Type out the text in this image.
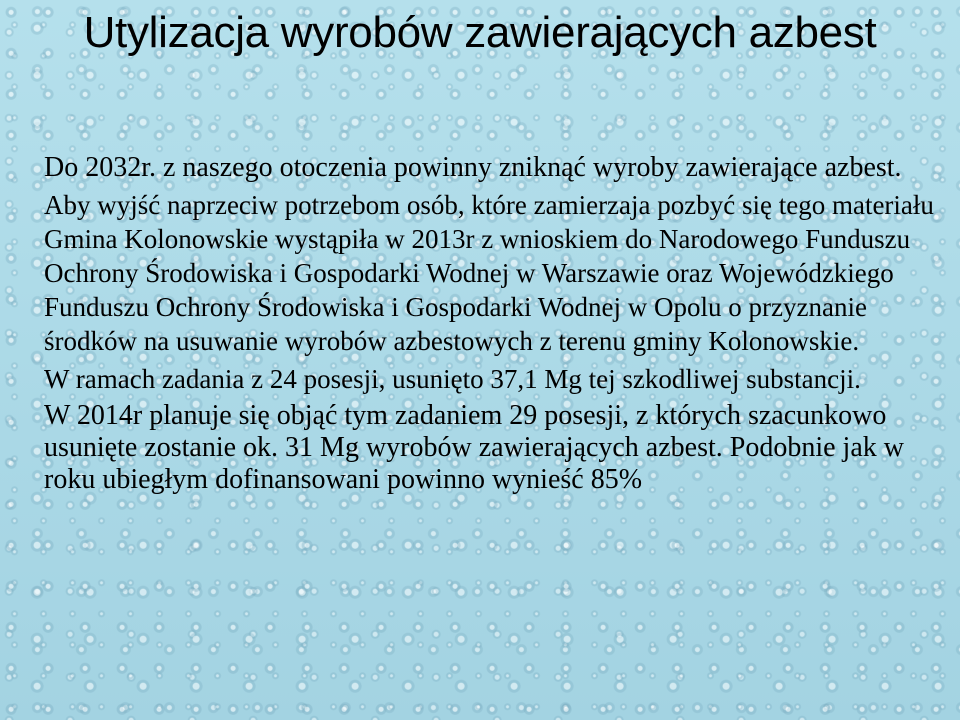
Utylizacja wyrobów zawierających azbest

Do 2032r. z naszego otoczenia powinny zniknąć wyroby zawierające azbest.

Aby wyjść naprzeciw potrzebom osób, które zamierzaja pozbyć się tego materiału Gmina Kolonowskie wystąpiła w 2013r z wnioskiem do Narodowego Funduszu Ochrony Środowiska i Gospodarki Wodnej w Warszawie oraz Wojewódzkiego Funduszu Ochrony Środowiska i Gospodarki Wodnej w Opolu o przyznanie środków na usuwanie wyrobów azbestowych z terenu gminy Kolonowskie.

W ramach zadania z 24 posesji, usunięto 37,1 Mg tej szkodliwej substancji.

W 2014r planuje się objąć tym zadaniem 29 posesji, z których szacunkowo usunięte zostanie ok. 31 Mg wyrobów zawierających azbest. Podobnie jak w roku ubiegłym dofinansowani powinno wynieść 85%
